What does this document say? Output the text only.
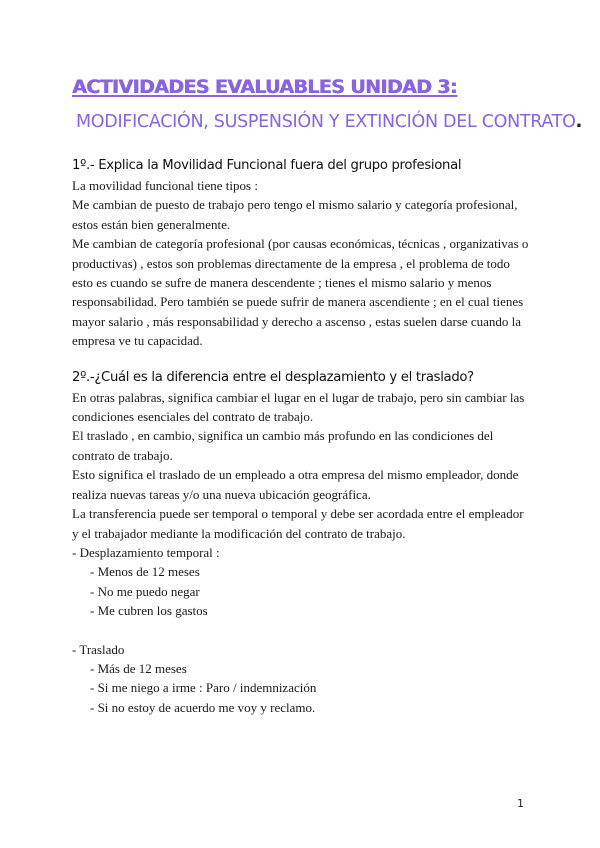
ACTIVIDADES EVALUABLES UNIDAD 3:
MODIFICACIÓN, SUSPENSIÓN Y EXTINCIÓN DEL CONTRATO.

1º.- Explica la Movilidad Funcional fuera del grupo profesional

La movilidad funcional tiene tipos :

Me cambian de puesto de trabajo pero tengo el mismo salario y categoría profesional, estos están bien generalmente.

Me cambian de categoría profesional (por causas económicas, técnicas , organizativas o productivas) , estos son problemas directamente de la empresa , el problema de todo esto es cuando se sufre de manera descendente ; tienes el mismo salario y menos responsabilidad. Pero también se puede sufrir de manera ascendiente ; en el cual tienes mayor salario , más responsabilidad y derecho a ascenso , estas suelen darse cuando la empresa ve tu capacidad.

2º.-¿Cuál es la diferencia entre el desplazamiento y el traslado?

En otras palabras, significa cambiar el lugar en el lugar de trabajo, pero sin cambiar las condiciones esenciales del contrato de trabajo.

El traslado , en cambio, significa un cambio más profundo en las condiciones del contrato de trabajo.

Esto significa el traslado de un empleado a otra empresa del mismo empleador, donde realiza nuevas tareas y/o una nueva ubicación geográfica.

La transferencia puede ser temporal o temporal y debe ser acordada entre el empleador y el trabajador mediante la modificación del contrato de trabajo.

- Desplazamiento temporal :

- Menos de 12 meses

- No me puedo negar

- Me cubren los gastos

- Traslado

- Más de 12 meses

- Si me niego a irme : Paro / indemnización

- Si no estoy de acuerdo me voy y reclamo.

1
